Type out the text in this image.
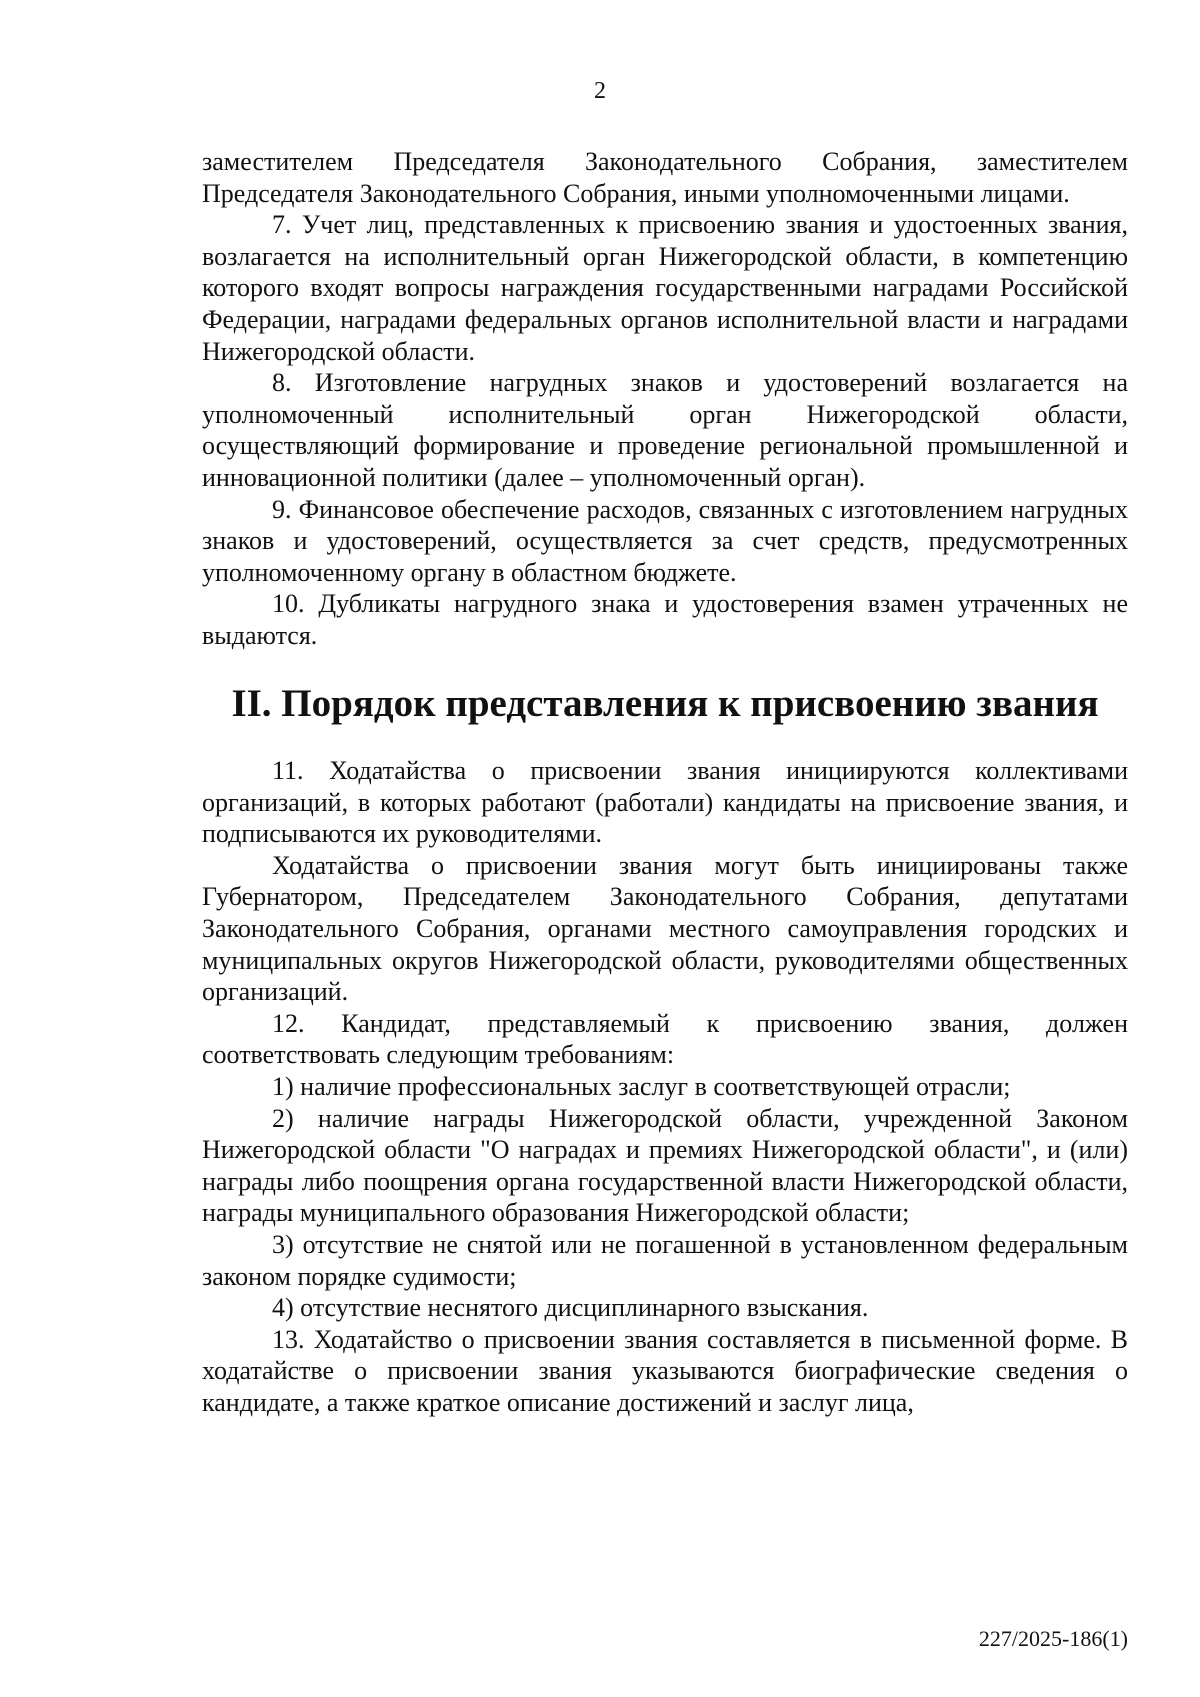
2

заместителем Председателя Законодательного Собрания, заместителем Председателя Законодательного Собрания, иными уполномоченными лицами.

7. Учет лиц, представленных к присвоению звания и удостоенных звания, возлагается на исполнительный орган Нижегородской области, в компетенцию которого входят вопросы награждения государственными наградами Российской Федерации, наградами федеральных органов исполнительной власти и наградами Нижегородской области.

8. Изготовление нагрудных знаков и удостоверений возлагается на уполномоченный исполнительный орган Нижегородской области, осуществляющий формирование и проведение региональной промышленной и инновационной политики (далее – уполномоченный орган).

9. Финансовое обеспечение расходов, связанных с изготовлением нагрудных знаков и удостоверений, осуществляется за счет средств, предусмотренных уполномоченному органу в областном бюджете.

10. Дубликаты нагрудного знака и удостоверения взамен утраченных не выдаются.

II. Порядок представления к присвоению звания

11. Ходатайства о присвоении звания инициируются коллективами организаций, в которых работают (работали) кандидаты на присвоение звания, и подписываются их руководителями.

Ходатайства о присвоении звания могут быть инициированы также Губернатором, Председателем Законодательного Собрания, депутатами Законодательного Собрания, органами местного самоуправления городских и муниципальных округов Нижегородской области, руководителями общественных организаций.

12. Кандидат, представляемый к присвоению звания, должен соответствовать следующим требованиям:

1) наличие профессиональных заслуг в соответствующей отрасли;

2) наличие награды Нижегородской области, учрежденной Законом Нижегородской области "О наградах и премиях Нижегородской области", и (или) награды либо поощрения органа государственной власти Нижегородской области, награды муниципального образования Нижегородской области;

3) отсутствие не снятой или не погашенной в установленном федеральным законом порядке судимости;

4) отсутствие неснятого дисциплинарного взыскания.

13. Ходатайство о присвоении звания составляется в письменной форме. В ходатайстве о присвоении звания указываются биографические сведения о кандидате, а также краткое описание достижений и заслуг лица,

227/2025-186(1)
